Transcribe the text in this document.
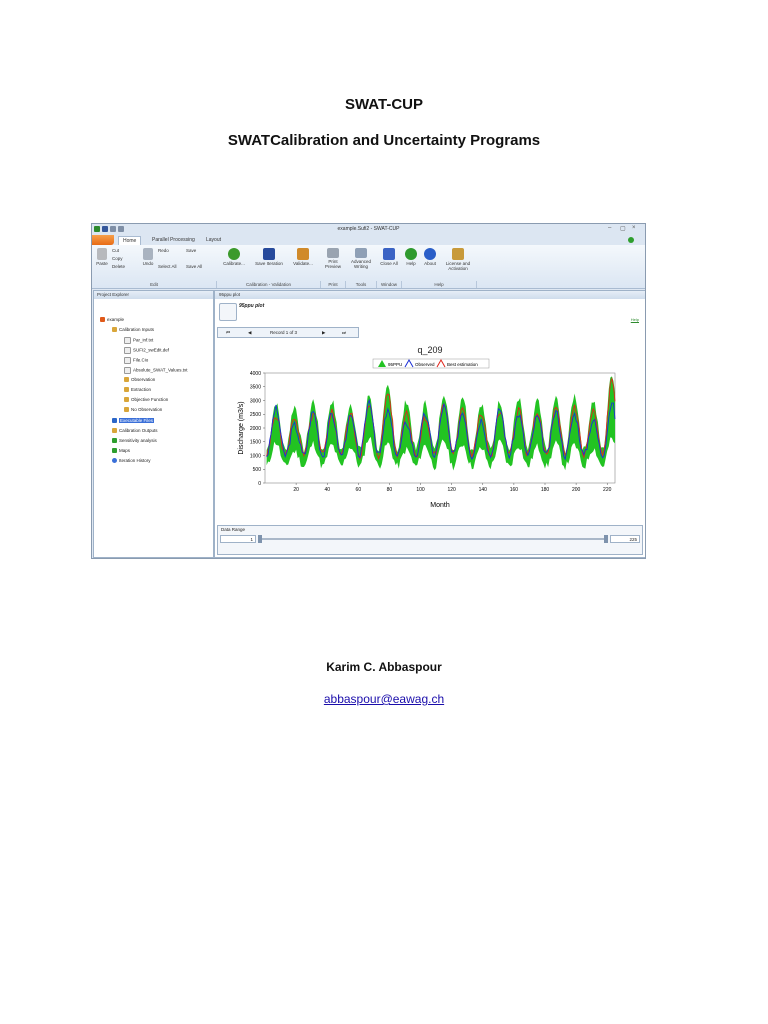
SWAT-CUP
SWATCalibration and Uncertainty Programs
example.Sufi2 - SWAT-CUP	– ▢ ×
Home	Parallel Processing	Layout
Paste
Cut
Copy
Delete
Undo
Redo
Select All
Save
Save All
Edit
Calibrate...	Save Iteration	Validate...
Calibration - Validation
Print Preview
Print
Advanced Writing
Tools
Close All
Window
Help	About	License and Activation
Help
Project Explorer
example
Calibration Inputs
Par_inf.txt
SUFI2_swEdit.def
File.Cio
Absolute_SWAT_Values.txt
Observation
Extraction
Objective Function
No Observation
Executable Files
Calibration Outputs
Sensitivity analysis
Maps
Iteration History
95ppu plot
95ppu plot
Help
⏮	◀	Record 1 of 3	▶	⏭
q_209
95PPU	Observed	Best estimation
20	40	60	80	100	120	140	160	180	200	220
0
500
1000
1500
2000
2500
3000
3500
4000
Month
Discharge (m3/s)
Data Range
1	225
Karim C. Abbaspour
abbaspour@eawag.ch
